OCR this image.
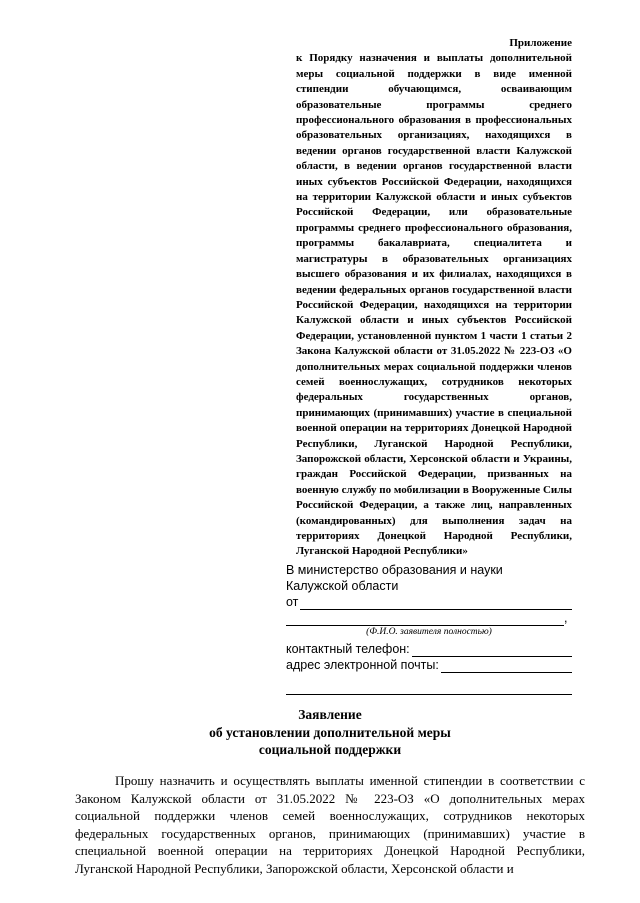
Приложение
к Порядку назначения и выплаты дополнительной меры социальной поддержки в виде именной стипендии обучающимся, осваивающим образовательные программы среднего профессионального образования в профессиональных образовательных организациях, находящихся в ведении органов государственной власти Калужской области, в ведении органов государственной власти иных субъектов Российской Федерации, находящихся на территории Калужской области и иных субъектов Российской Федерации, или образовательные программы среднего профессионального образования, программы бакалавриата, специалитета и магистратуры в образовательных организациях высшего образования и их филиалах, находящихся в ведении федеральных органов государственной власти Российской Федерации, находящихся на территории Калужской области и иных субъектов Российской Федерации, установленной пунктом 1 части 1 статьи 2 Закона Калужской области от 31.05.2022 № 223-ОЗ «О дополнительных мерах социальной поддержки членов семей военнослужащих, сотрудников некоторых федеральных государственных органов, принимающих (принимавших) участие в специальной военной операции на территориях Донецкой Народной Республики, Луганской Народной Республики, Запорожской области, Херсонской области и Украины, граждан Российской Федерации, призванных на военную службу по мобилизации в Вооруженные Силы Российской Федерации, а также лиц, направленных (командированных) для выполнения задач на территориях Донецкой Народной Республики, Луганской Народной Республики»
В министерство образования и науки
Калужской области
от
,
(Ф.И.О. заявителя полностью)
контактный телефон:
адрес электронной почты:
Заявление
об установлении дополнительной меры
социальной поддержки
Прошу назначить и осуществлять выплаты именной стипендии в соответствии с Законом Калужской области от 31.05.2022 № 223-ОЗ «О дополнительных мерах социальной поддержки членов семей военнослужащих, сотрудников некоторых федеральных государственных органов, принимающих (принимавших) участие в специальной военной операции на территориях Донецкой Народной Республики, Луганской Народной Республики, Запорожской области, Херсонской области и
